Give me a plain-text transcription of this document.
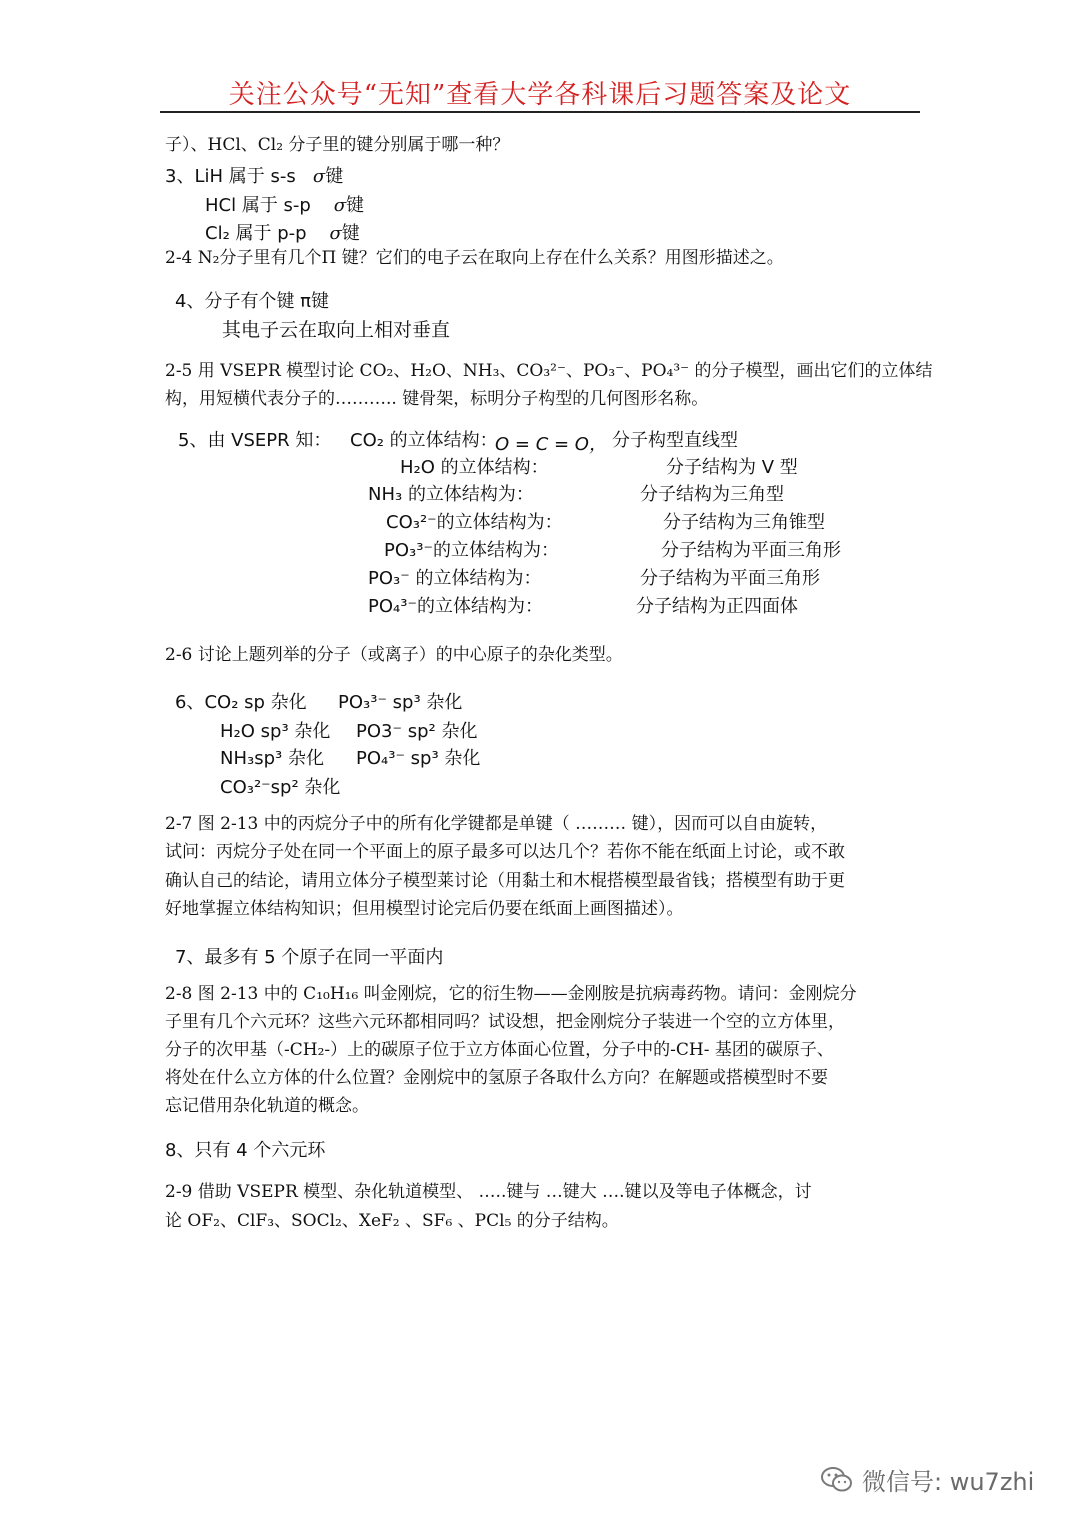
关注公众号“无知”查看大学各科课后习题答案及论文
子）、HCl、Cl₂ 分子里的键分别属于哪一种？
3、LiH 属于 s-s σ键
HCl 属于 s-p σ键
Cl₂ 属于 p-p σ键
2-4 N₂分子里有几个Π 键？它们的电子云在取向上存在什么关系？用图形描述之。
4、分子有个键 π键
其电子云在取向上相对垂直
2-5 用 VSEPR 模型讨论 CO₂、H₂O、NH₃、CO₃²⁻、PO₃⁻、PO₄³⁻ 的分子模型，画出它们的立体结
构，用短横代表分子的……….. 键骨架，标明分子构型的几何图形名称。
5、由 VSEPR 知： CO₂ 的立体结构：
O = C = O， 分子构型直线型
H₂O 的立体结构：	分子结构为 V 型
NH₃ 的立体结构为：	分子结构为三角型
CO₃²⁻的立体结构为：	分子结构为三角锥型
PO₃³⁻的立体结构为：	分子结构为平面三角形
PO₃⁻ 的立体结构为：	分子结构为平面三角形
PO₄³⁻的立体结构为：	分子结构为正四面体
2-6 讨论上题列举的分子（或离子）的中心原子的杂化类型。
6、CO₂ sp 杂化 PO₃³⁻ sp³ 杂化
H₂O sp³ 杂化 PO3⁻ sp² 杂化
NH₃sp³ 杂化 PO₄³⁻ sp³ 杂化
CO₃²⁻sp² 杂化
2-7 图 2-13 中的丙烷分子中的所有化学键都是单键（ ……… 键），因而可以自由旋转，
试问：丙烷分子处在同一个平面上的原子最多可以达几个？若你不能在纸面上讨论，或不敢
确认自己的结论，请用立体分子模型莱讨论（用黏土和木棍搭模型最省钱；搭模型有助于更
好地掌握立体结构知识；但用模型讨论完后仍要在纸面上画图描述）。
7、最多有 5 个原子在同一平面内
2-8 图 2-13 中的 C₁₀H₁₆ 叫金刚烷，它的衍生物——金刚胺是抗病毒药物。请问：金刚烷分
子里有几个六元环？这些六元环都相同吗？试设想，把金刚烷分子装进一个空的立方体里，
分子的次甲基（-CH₂-）上的碳原子位于立方体面心位置，分子中的-CH- 基团的碳原子、
将处在什么立方体的什么位置？金刚烷中的氢原子各取什么方向？在解题或搭模型时不要
忘记借用杂化轨道的概念。
8、只有 4 个六元环
2-9 借助 VSEPR 模型、杂化轨道模型、 …..键与 …键大 ….键以及等电子体概念，讨
论 OF₂、ClF₃、SOCl₂、XeF₂ 、SF₆ 、PCl₅ 的分子结构。
微信号: wu7zhi
